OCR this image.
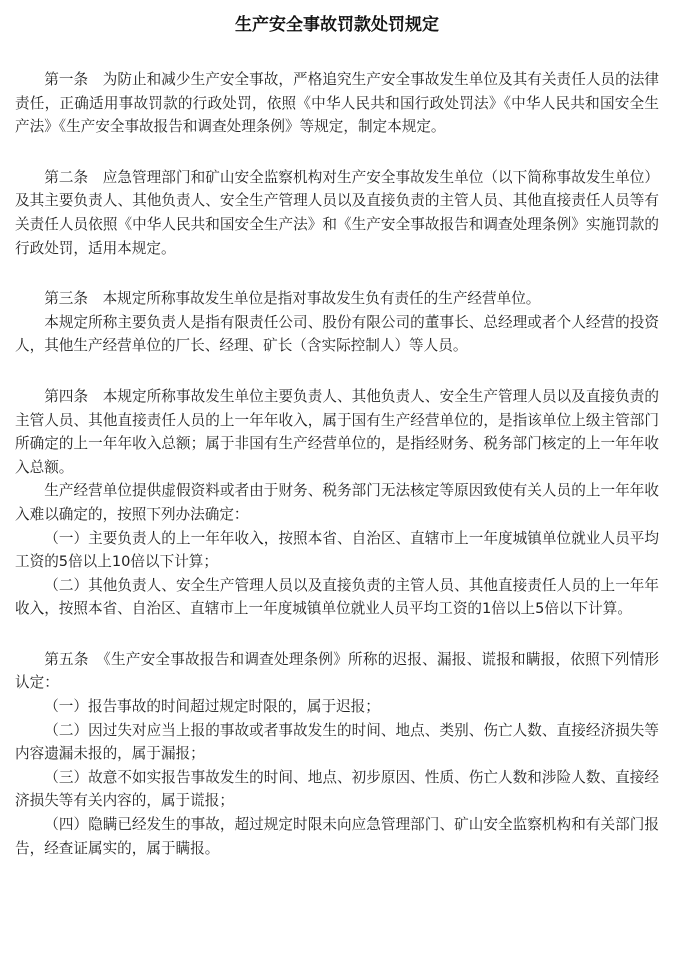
生产安全事故罚款处罚规定

第一条　为防止和减少生产安全事故，严格追究生产安全事故发生单位及其有关责任人员的法律责任，正确适用事故罚款的行政处罚，依照《中华人民共和国行政处罚法》《中华人民共和国安全生产法》《生产安全事故报告和调查处理条例》等规定，制定本规定。

第二条　应急管理部门和矿山安全监察机构对生产安全事故发生单位（以下简称事故发生单位）及其主要负责人、其他负责人、安全生产管理人员以及直接负责的主管人员、其他直接责任人员等有关责任人员依照《中华人民共和国安全生产法》和《生产安全事故报告和调查处理条例》实施罚款的行政处罚，适用本规定。

第三条　本规定所称事故发生单位是指对事故发生负有责任的生产经营单位。

本规定所称主要负责人是指有限责任公司、股份有限公司的董事长、总经理或者个人经营的投资人，其他生产经营单位的厂长、经理、矿长（含实际控制人）等人员。

第四条　本规定所称事故发生单位主要负责人、其他负责人、安全生产管理人员以及直接负责的主管人员、其他直接责任人员的上一年年收入，属于国有生产经营单位的，是指该单位上级主管部门所确定的上一年年收入总额；属于非国有生产经营单位的，是指经财务、税务部门核定的上一年年收入总额。

生产经营单位提供虚假资料或者由于财务、税务部门无法核定等原因致使有关人员的上一年年收入难以确定的，按照下列办法确定：

（一）主要负责人的上一年年收入，按照本省、自治区、直辖市上一年度城镇单位就业人员平均工资的5倍以上10倍以下计算；

（二）其他负责人、安全生产管理人员以及直接负责的主管人员、其他直接责任人员的上一年年收入，按照本省、自治区、直辖市上一年度城镇单位就业人员平均工资的1倍以上5倍以下计算。

第五条　《生产安全事故报告和调查处理条例》所称的迟报、漏报、谎报和瞒报，依照下列情形认定：

（一）报告事故的时间超过规定时限的，属于迟报；

（二）因过失对应当上报的事故或者事故发生的时间、地点、类别、伤亡人数、直接经济损失等内容遗漏未报的，属于漏报；

（三）故意不如实报告事故发生的时间、地点、初步原因、性质、伤亡人数和涉险人数、直接经济损失等有关内容的，属于谎报；

（四）隐瞒已经发生的事故，超过规定时限未向应急管理部门、矿山安全监察机构和有关部门报告，经查证属实的，属于瞒报。
